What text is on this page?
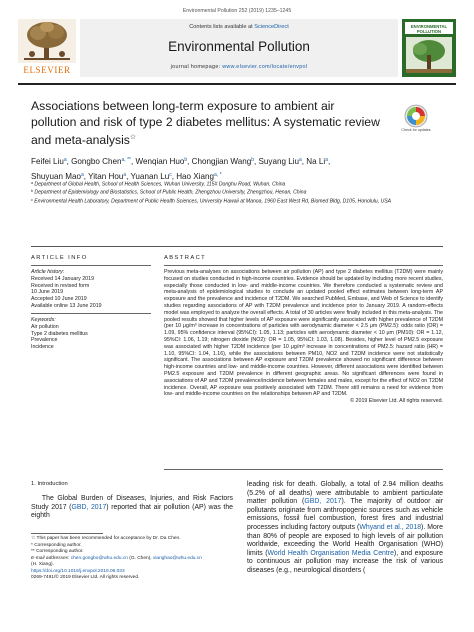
Environmental Pollution 252 (2019) 1235–1245
ELSEVIER
Contents lists available at ScienceDirect
Environmental Pollution
journal homepage: www.elsevier.com/locate/envpol
ENVIRONMENTAL POLLUTION
Associations between long-term exposure to ambient air pollution and risk of type 2 diabetes mellitus: A systematic review and meta-analysis☆
Check for updates
Feifei Liu$^a$, Gongbo Chen$^{a, **}$, Wenqian Huo$^b$, Chongjian Wang$^b$, Suyang Liu$^a$, Na Li$^a$,
Shuyuan Mao$^a$, Yitan Hou$^a$, Yuanan Lu$^c$, Hao Xiang$^{a, *}$

$^a$ Department of Global Health, School of Health Sciences, Wuhan University, 115# Donghu Road, Wuhan, China

$^b$ Department of Epidemiology and Biostatistics, School of Public Health, Zhengzhou University, Zhengzhou, Henan, China

$^c$ Environmental Health Laboratory, Department of Public Health Sciences, University Hawaii at Manoa, 1960 East West Rd, Biomed Bldg, D105, Honolulu, USA

ARTICLE INFO	ABSTRACT
Article history:
Received 14 January 2019
Received in revised form
10 June 2019
Accepted 10 June 2019
Available online 13 June 2019
Keywords:
Air pollution
Type 2 diabetes mellitus
Prevalence
Incidence
Previous meta-analyses on associations between air pollution (AP) and type 2 diabetes mellitus (T2DM) were mainly focused on studies conducted in high-income countries. Evidence should be updated by including more recent studies, especially those conducted in low- and middle-income countries. We therefore conducted a systematic review and meta-analysis of epidemiological studies to conclude an updated pooled effect estimates between long-term AP exposure and the prevalence and incidence of T2DM. We searched PubMed, Embase, and Web of Science to identify studies regarding associations of AP with T2DM prevalence and incidence prior to January 2019. A random-effects model was employed to analyze the overall effects. A total of 30 articles were finally included in this meta-analysis. The pooled results showed that higher levels of AP exposure were significantly associated with higher prevalence of T2DM (per 10 μg/m³ increase in concentrations of particles with aerodynamic diameter < 2.5 μm (PM2.5): odds ratio (OR) = 1.09, 95% confidence interval (95%CI): 1.05, 1.13; particles with aerodynamic diameter < 10 μm (PM10): OR = 1.12, 95%CI: 1.06, 1.19; nitrogen dioxide (NO2): OR = 1.05, 95%CI: 1.03, 1.08). Besides, higher level of PM2.5 exposure was associated with higher T2DM incidence (per 10 μg/m³ increase in concentrations of PM2.5: hazard ratio (HR) = 1.10, 95%CI: 1.04, 1.16), while the associations between PM10, NO2 and T2DM incidence were not statistically significant. The associations between AP exposure and T2DM prevalence showed no significant difference between high-income countries and low- and middle-income countries. However, different associations were identified between PM2.5 exposure and T2DM prevalence in different geographic areas. No significant differences were found in associations of AP and T2DM prevalence/incidence between females and males, except for the effect of NO2 on T2DM incidence. Overall, AP exposure was positively associated with T2DM. There still remains a need for evidence from low- and middle-income countries on the relationships between AP and T2DM.
© 2019 Elsevier Ltd. All rights reserved.
1. Introduction
The Global Burden of Diseases, Injuries, and Risk Factors Study 2017 (GBD, 2017) reported that air pollution (AP) was the eighth
leading risk for death. Globally, a total of 2.94 million deaths (5.2% of all deaths) were attributable to ambient particulate matter pollution (GBD, 2017). The majority of outdoor air pollutants originate from anthropogenic sources such as vehicle emissions, fossil fuel combustion, forest fires and industrial processes including factory outputs (Whyand et al., 2018). More than 80% of people are exposed to high levels of air pollution worldwide, exceeding the World Health Organisation (WHO) limits (World Health Organisation Media Centre), and exposure to continuous air pollution may increase the risk of various diseases (e.g., neurological disorders (

☆ This paper has been recommended for acceptance by Dr. Da Chen.

* Corresponding author.

** Corresponding author.

E-mail addresses: chen.gongbo@whu.edu.cn (G. Chen), xianghao@whu.edu.cn

(H. Xiang).

https://doi.org/10.1016/j.envpol.2019.06.033

0269-7491/© 2019 Elsevier Ltd. All rights reserved.
